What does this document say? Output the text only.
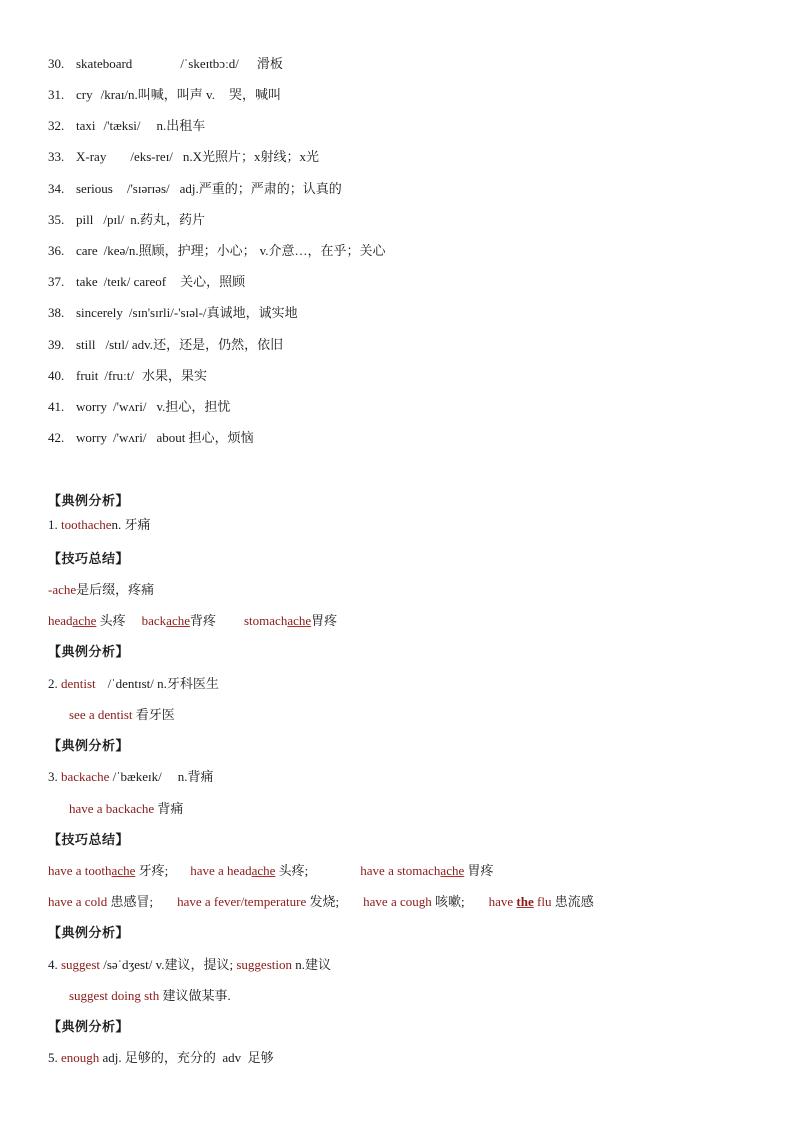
30. skateboard	/ˈskeɪtbɔːd/ 滑板
31. cry /kraɪ/n.叫喊，叫声 v. 哭，喊叫
32. taxi /'tæksi/ n.出租车
33. X-ray /eks-reɪ/ n.X光照片；x射线；x光
34. serious /'sɪərɪəs/ adj.严重的；严肃的；认真的
35. pill /pɪl/ n.药丸，药片
36. care /keə/n.照顾，护理；小心； v.介意…，在乎；关心
37. take /teɪk/ careof 关心，照顾
38. sincerely /sɪn'sɪrli/-'sɪəl-/真诚地，诚实地
39. still /stɪl/ adv.还，还是，仍然，依旧
40. fruit /fruːt/ 水果，果实
41. worry /'wʌri/ v.担心，担忧
42. worry /'wʌri/ about 担心，烦恼
【典例分析】
1. toothachen. 牙痛
【技巧总结】
-ache是后缀，疼痛
headache 头疼 backache背疼 stomachache胃疼
【典例分析】
2. dentist /ˈdentɪst/ n.牙科医生
see a dentist 看牙医
【典例分析】
3. backache /ˈbækeɪk/ n.背痛
have a backache 背痛
【技巧总结】
have a toothache 牙疼; have a headache 头疼;	have a stomachache 胃疼
have a cold 患感冒; have a fever/temperature 发烧; have a cough 咳嗽; have the flu 患流感
【典例分析】
4. suggest /səˈdʒest/ v.建议，提议; suggestion n.建议
suggest doing sth 建议做某事.
【典例分析】
5. enough adj. 足够的，充分的  adv  足够
